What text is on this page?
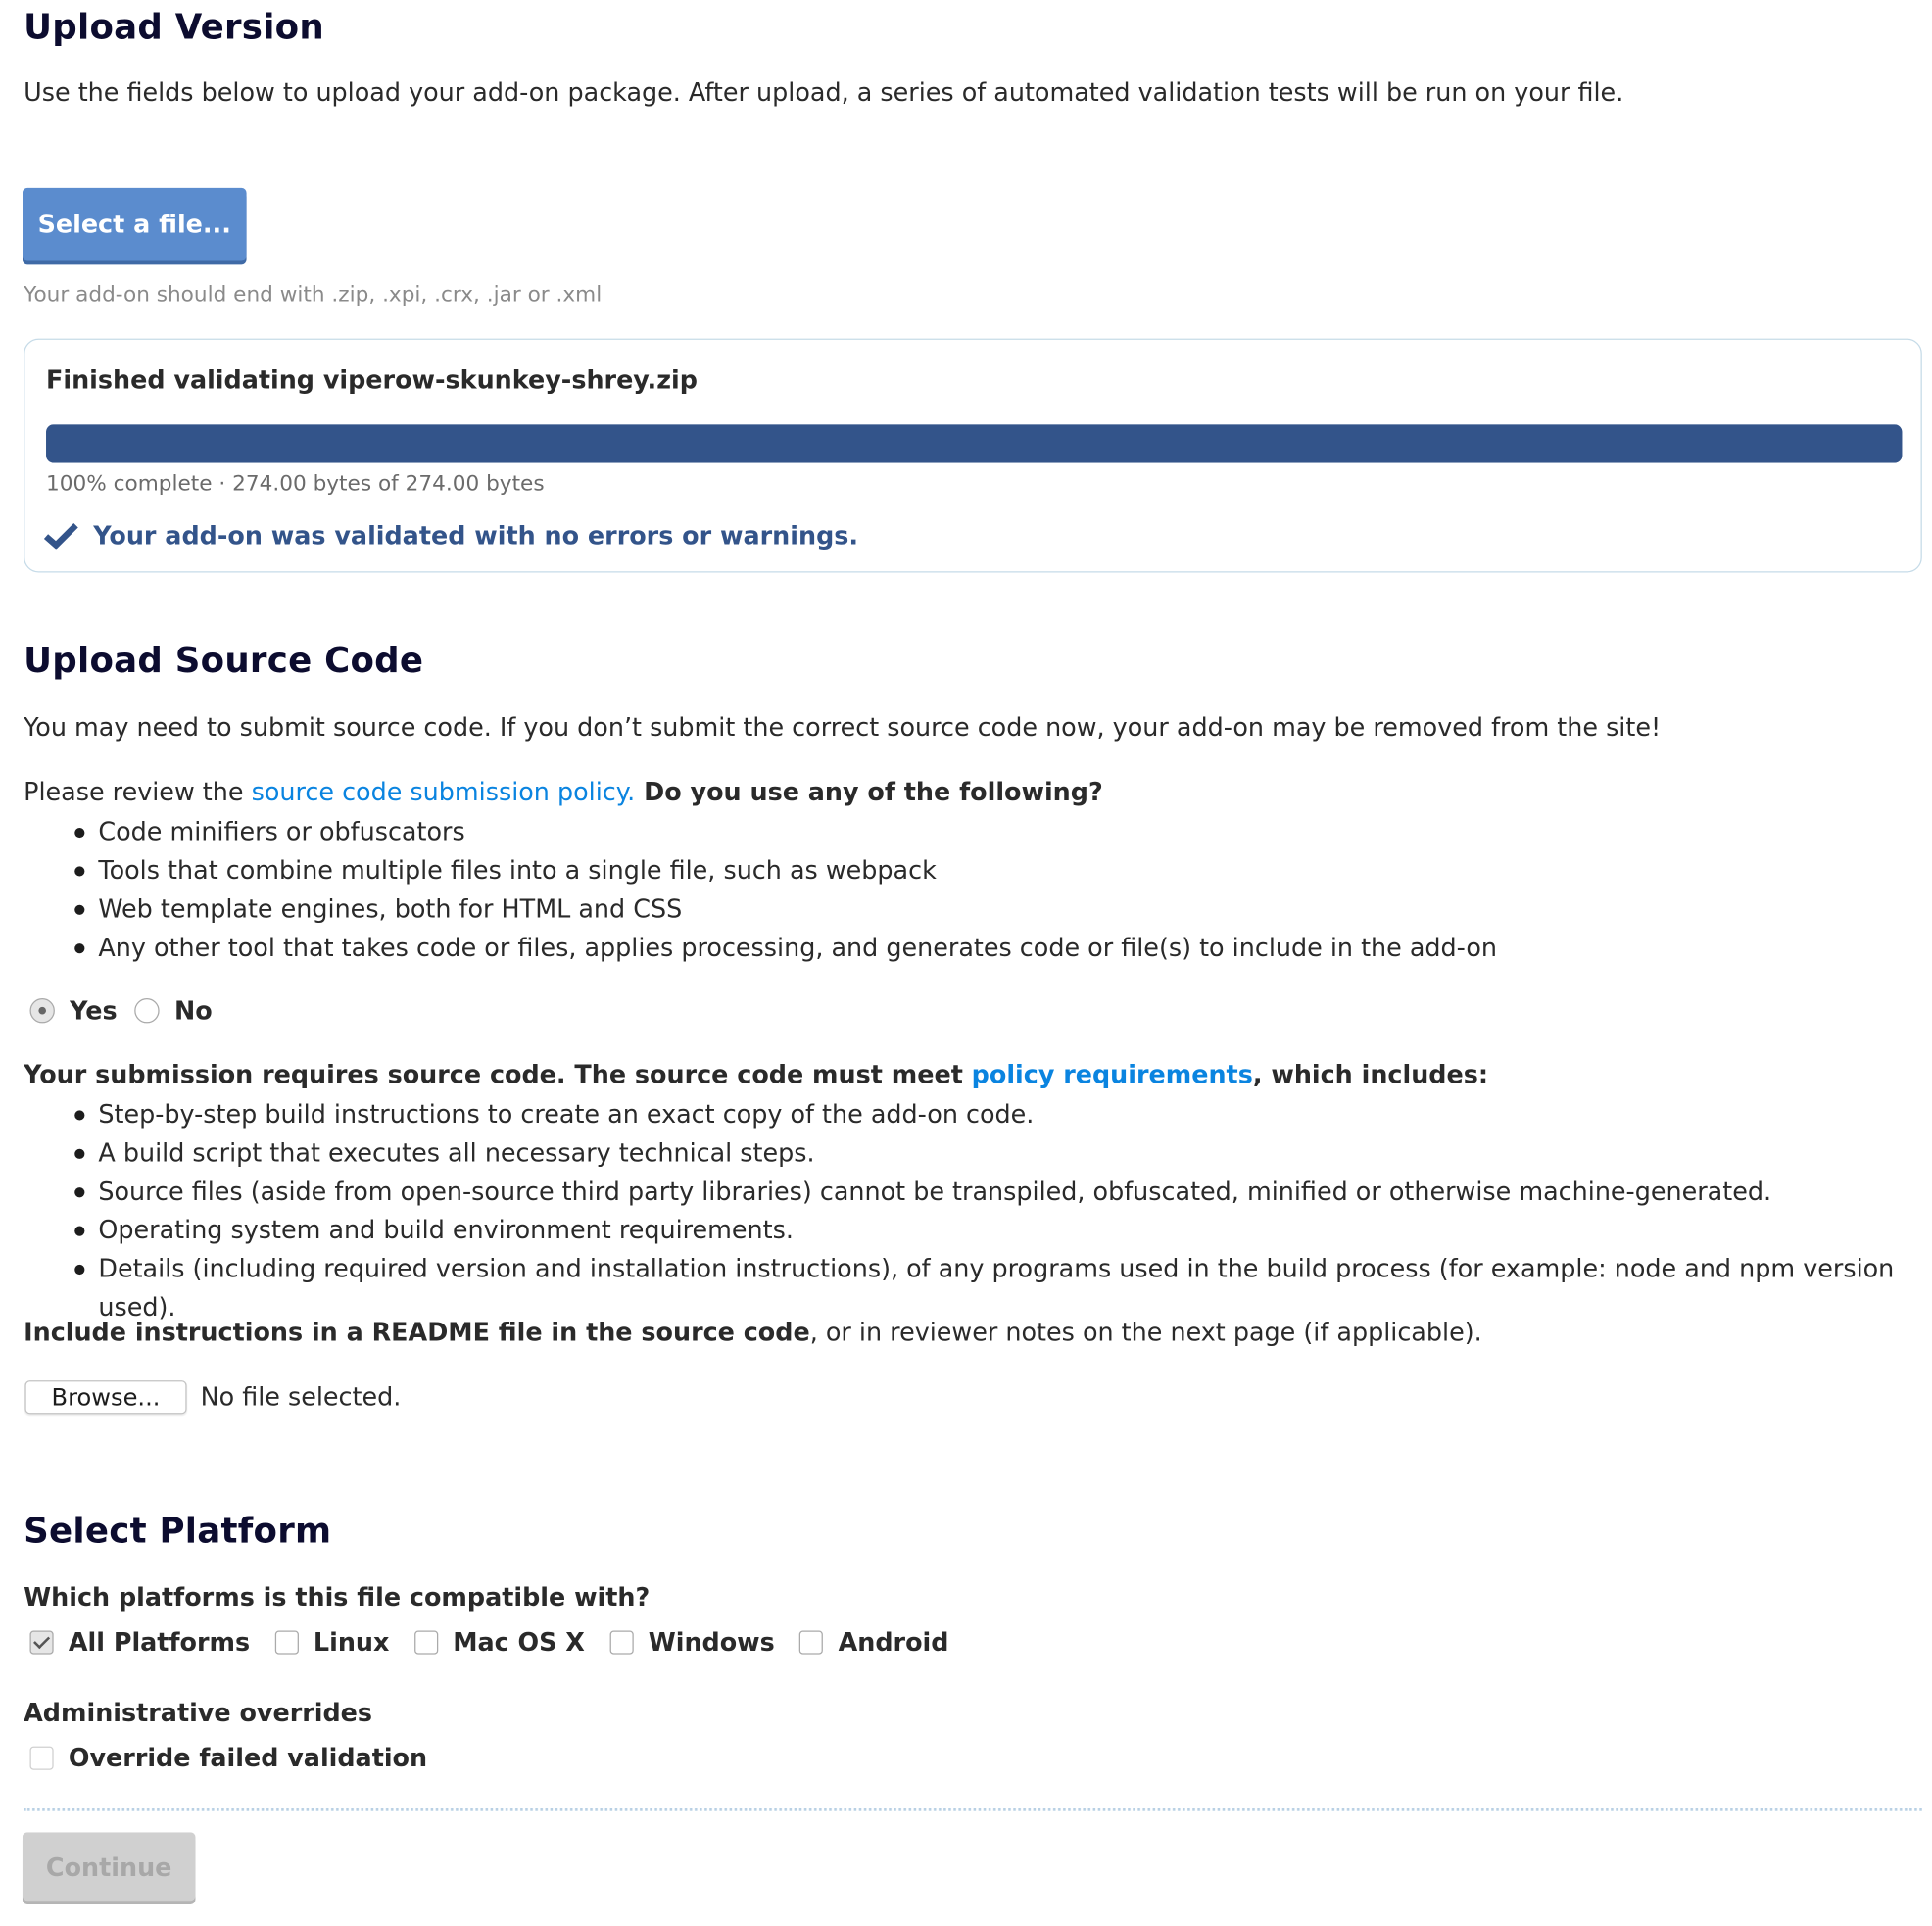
Upload Version
Use the fields below to upload your add-on package. After upload, a series of automated validation tests will be run on your file.
Select a file...
Your add-on should end with .zip, .xpi, .crx, .jar or .xml
Finished validating viperow-skunkey-shrey.zip
100% complete · 274.00 bytes of 274.00 bytes
Your add-on was validated with no errors or warnings.
Upload Source Code
You may need to submit source code. If you don’t submit the correct source code now, your add-on may be removed from the site!
Please review the source code submission policy. Do you use any of the following?
Code minifiers or obfuscators
Tools that combine multiple files into a single file, such as webpack
Web template engines, both for HTML and CSS
Any other tool that takes code or files, applies processing, and generates code or file(s) to include in the add-on
Yes	No
Your submission requires source code. The source code must meet policy requirements, which includes:
Step-by-step build instructions to create an exact copy of the add-on code.
A build script that executes all necessary technical steps.
Source files (aside from open-source third party libraries) cannot be transpiled, obfuscated, minified or otherwise machine-generated.
Operating system and build environment requirements.
Details (including required version and installation instructions), of any programs used in the build process (for example: node and npm version used).
Include instructions in a README file in the source code, or in reviewer notes on the next page (if applicable).
Browse...	No file selected.
Select Platform
Which platforms is this file compatible with?
All Platforms	Linux	Mac OS X	Windows	Android
Administrative overrides
Override failed validation
Continue
